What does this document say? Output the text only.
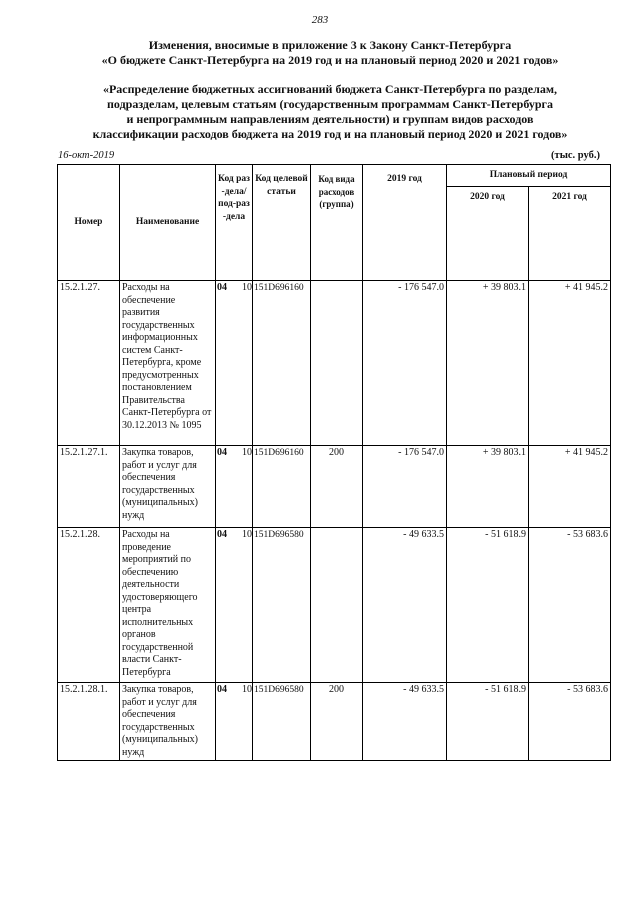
283
Изменения, вносимые в приложение 3 к Закону Санкт-Петербурга
«О бюджете Санкт-Петербурга на 2019 год и на плановый период 2020 и 2021 годов»
«Распределение бюджетных ассигнований бюджета Санкт-Петербурга по разделам,
подразделам, целевым статьям (государственным программам Санкт-Петербурга
и непрограммным направлениям деятельности) и группам видов расходов
классификации расходов бюджета на 2019 год и на плановый период 2020 и 2021 годов»
16-окт-2019	(тыс. руб.)
Номер	Наименование	Код раз-дела/ под-раз-дела		Код целевой статьи	Код вида расходов (группа)	2019 год	Плановый период	
							2020 год	2021 год
15.2.1.27.	Расходы на обеспечение развития государственных информационных систем Санкт-Петербурга, кроме предусмотренных постановлением Правительства Санкт-Петербурга от 30.12.2013 № 1095	04	10	151D696160		- 176 547.0	+ 39 803.1	+ 41 945.2
15.2.1.27.1.	Закупка товаров, работ и услуг для обеспечения государственных (муниципальных) нужд	04	10	151D696160	200	- 176 547.0	+ 39 803.1	+ 41 945.2
15.2.1.28.	Расходы на проведение мероприятий по обеспечению деятельности удостоверяющего центра исполнительных органов государственной власти Санкт-Петербурга	04	10	151D696580		- 49 633.5	- 51 618.9	- 53 683.6
15.2.1.28.1.	Закупка товаров, работ и услуг для обеспечения государственных (муниципальных) нужд	04	10	151D696580	200	- 49 633.5	- 51 618.9	- 53 683.6
